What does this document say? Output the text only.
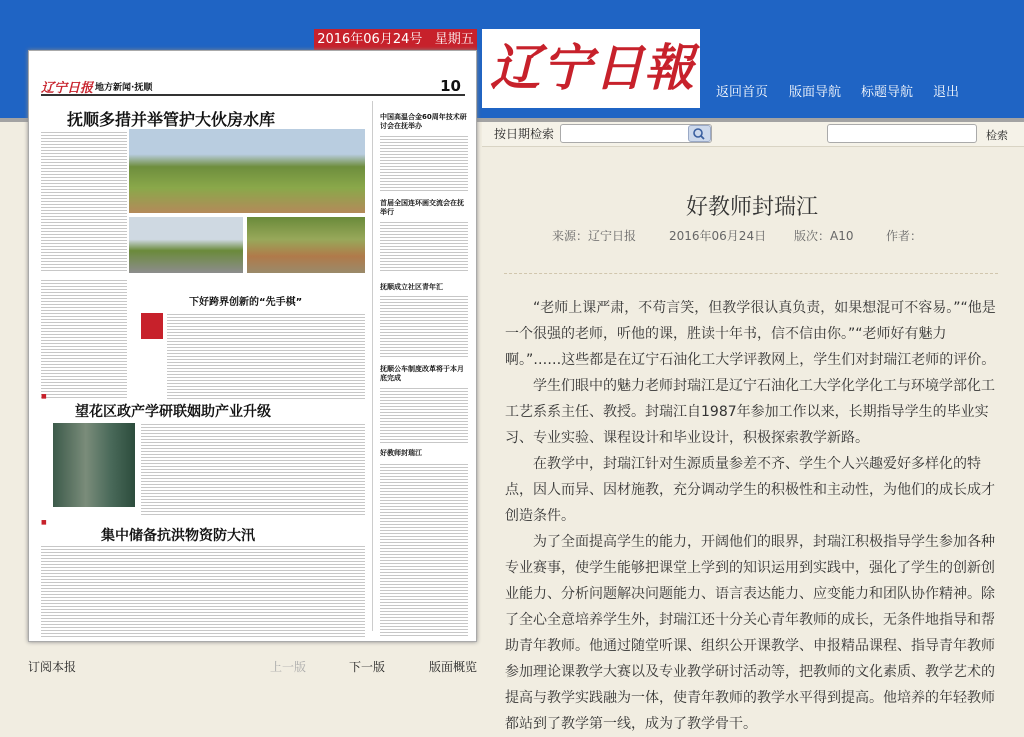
2016年06月24号 星期五 辽 宁 日 報 返回首页 版面导航 标题导航 退出
辽宁日报 地方新闻·抚顺	10
抚顺多措并举管护大伙房水库
下好跨界创新的“先手棋”
■
望花区政产学研联姻助产业升级
■
集中储备抗洪物资防大汛
中国高温合金60周年技术研讨会在抚举办
首届全国连环画交流会在抚举行
抚顺成立社区青年汇
抚顺公车制度改革将于本月底完成
好教师封瑞江
订阅本报	上一版	下一版	版面概览
按日期检索	检索
好教师封瑞江
来源：辽宁日报	2016年06月24日 版次：A10	作者：

“老师上课严肃，不苟言笑，但教学很认真负责，如果想混可不容易。”“他是一个很强的老师，听他的课，胜读十年书，信不信由你。”“老师好有魅力啊。”……这些都是在辽宁石油化工大学评教网上，学生们对封瑞江老师的评价。

学生们眼中的魅力老师封瑞江是辽宁石油化工大学化学化工与环境学部化工工艺系系主任、教授。封瑞江自1987年参加工作以来，长期指导学生的毕业实习、专业实验、课程设计和毕业设计，积极探索教学新路。

在教学中，封瑞江针对生源质量参差不齐、学生个人兴趣爱好多样化的特点，因人而异、因材施教，充分调动学生的积极性和主动性，为他们的成长成才创造条件。

为了全面提高学生的能力，开阔他们的眼界，封瑞江积极指导学生参加各种专业赛事，使学生能够把课堂上学到的知识运用到实践中，强化了学生的创新创业能力、分析问题解决问题能力、语言表达能力、应变能力和团队协作精神。除了全心全意培养学生外，封瑞江还十分关心青年教师的成长，无条件地指导和帮助青年教师。他通过随堂听课、组织公开课教学、申报精品课程、指导青年教师参加理论课教学大赛以及专业教学研讨活动等，把教师的文化素质、教学艺术的提高与教学实践融为一体，使青年教师的教学水平得到提高。他培养的年轻教师都站到了教学第一线，成为了教学骨干。
